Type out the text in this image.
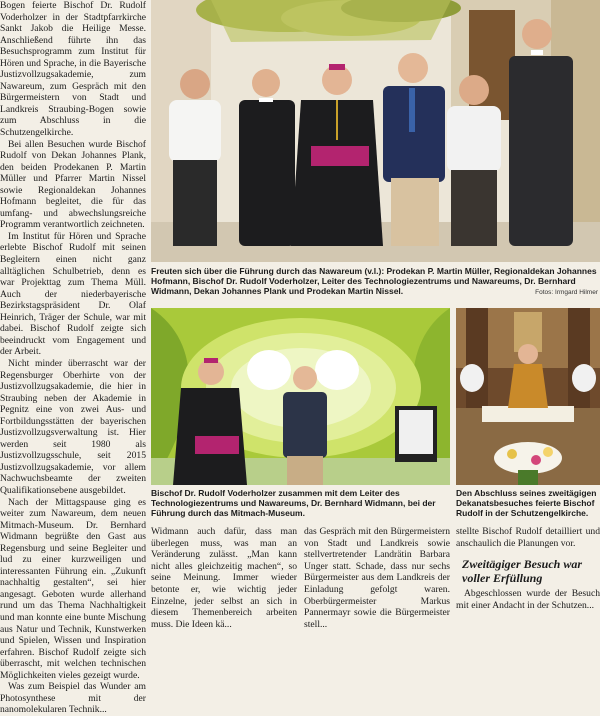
Bogen feierte Bischof Dr. Rudolf Voderholzer in der Stadtpfarrkirche Sankt Jakob die Heilige Messe. Anschließend führte ihn das Besuchsprogramm zum Institut für Hören und Sprache, in die Bayerische Justizvollzugsakademie, zum Nawareum, zum Gespräch mit den Bürgermeistern von Stadt und Landkreis Straubing-Bogen sowie zum Abschluss in die Schutzengelkirche.

Bei allen Besuchen wurde Bischof Rudolf von Dekan Johannes Plank, den beiden Prodekanen P. Martin Müller und Pfarrer Martin Nissel sowie Regionaldekan Johannes Hofmann begleitet, die für das umfang- und abwechslungsreiche Programm verantwortlich zeichneten.

Im Institut für Hören und Sprache erlebte Bischof Rudolf mit seinen Begleitern einen nicht ganz alltäglichen Schulbetrieb, denn es war Projekttag zum Thema Müll. Auch der niederbayerische Bezirkstagspräsident Dr. Olaf Heinrich, Träger der Schule, war mit dabei. Bischof Rudolf zeigte sich beeindruckt vom Engagement und der Arbeit.

Nicht minder überrascht war der Regensburger Oberhirte von der Justizvollzugsakademie, die hier in Straubing neben der Akademie in Pegnitz eine von zwei Aus- und Fortbildungsstätten der bayerischen Justizvollzugsverwaltung ist. Hier werden seit 1980 als Justizvollzugsschule, seit 2015 Justizvollzugsakademie, vor allem Nachwuchsbeamte der zweiten Qualifikationsebene ausgebildet.

Nach der Mittagspause ging es weiter zum Nawareum, dem neuen Mitmach-Museum. Dr. Bernhard Widmann begrüßte den Gast aus Regensburg und seine Begleiter und lud zu einer kurzweiligen und interessanten Führung ein. „Zukunft nachhaltig gestalten“, sei hier angesagt. Geboten wurde allerhand rund um das Thema Nachhaltigkeit und man konnte eine bunte Mischung aus Natur und Technik, Kunstwerken und Spielen, Wissen und Inspiration erfahren. Bischof Rudolf zeigte sich überrascht, mit welchen technischen Möglichkeiten vieles gezeigt wurde.

Was zum Beispiel das Wunder am Photosynthese mit der nanomolekularen Technik...

Freuten sich über die Führung durch das Nawareum (v.l.): Prodekan P. Martin Müller, Regionaldekan Johannes Hofmann, Bischof Dr. Rudolf Voderholzer, Leiter des Technologiezentrums und Nawareums, Dr. Bernhard Widmann, Dekan Johannes Plank und Prodekan Martin Nissel.	Fotos: Irmgard Hilmer
Bischof Dr. Rudolf Voderholzer zusammen mit dem Leiter des Technologiezentrums und Nawareums, Dr. Bernhard Widmann, bei der Führung durch das Mitmach-Museum.
Den Abschluss seines zweitägigen Dekanatsbesuches feierte Bischof Rudolf in der Schutzengelkirche.
Widmann auch dafür, dass man überlegen muss, was man an Veränderung zulässt. „Man kann nicht alles gleichzeitig machen“, so seine Meinung. Immer wieder betonte er, wie wichtig jeder Einzelne, jeder selbst an sich in diesem Themenbereich arbeiten muss. Die Ideen kä...
das Gespräch mit den Bürgermeistern von Stadt und Landkreis sowie stellvertretender Landrätin Barbara Unger statt. Schade, dass nur sechs Bürgermeister aus dem Landkreis der Einladung gefolgt waren. Oberbürgermeister Markus Pannermayr sowie die Bürgermeister stell...
stellte Bischof Rudolf detailliert und anschaulich die Planungen vor.
Zweitägiger Besuch war voller Erfüllung
Abgeschlossen wurde der Besuch mit einer Andacht in der Schutzen...
